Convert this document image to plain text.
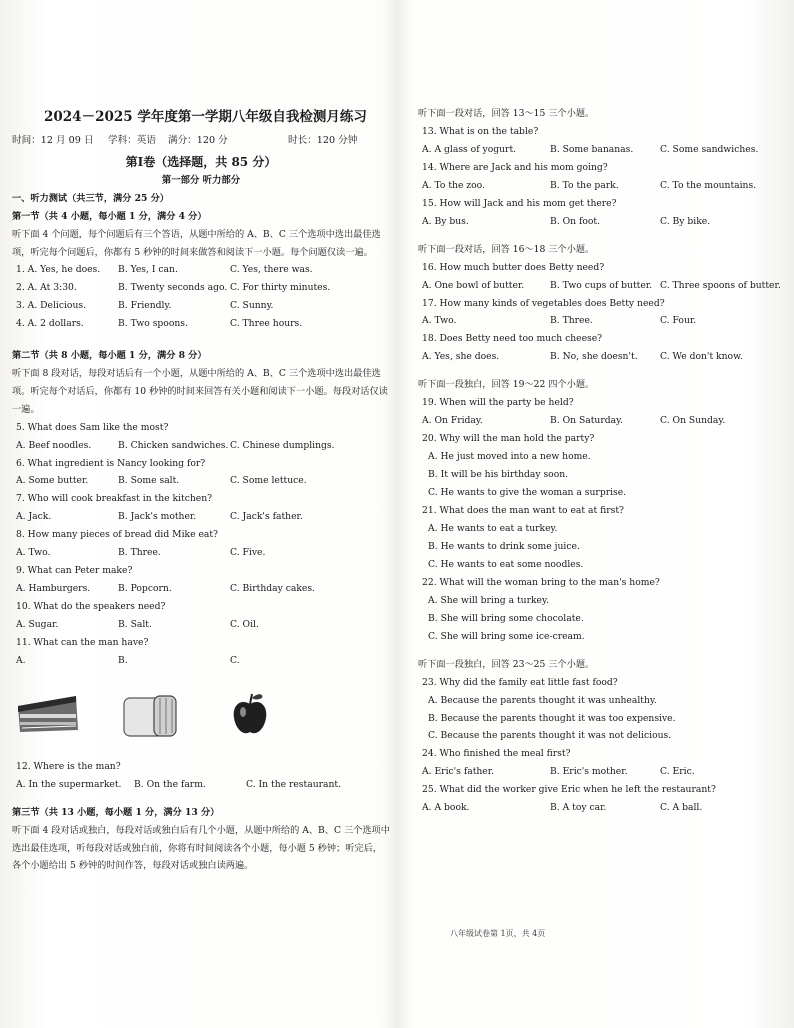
2024－2025 学年度第一学期八年级自我检测月练习
时间：12 月 09 日	学科：英语	满分：120 分	时长：120 分钟
第Ⅰ卷（选择题，共 85 分）
第一部分 听力部分
一、听力测试（共三节，满分 25 分）
第一节（共 4 小题，每小题 1 分，满分 4 分）
听下面 4 个问题，每个问题后有三个答语，从题中所给的 A、B、C 三个选项中选出最佳选项，听完每个问题后，你都有 5 秒钟的时间来做答和阅读下一小题。每个问题仅读一遍。
1. A. Yes, he does.	B. Yes, I can.	C. Yes, there was.
2. A. At 3:30.	B. Twenty seconds ago. C. For thirty minutes.
3. A. Delicious.	B. Friendly.	C. Sunny.
4. A. 2 dollars.	B. Two spoons.	C. Three hours.
第二节（共 8 小题，每小题 1 分，满分 8 分）
听下面 8 段对话，每段对话后有一个小题，从题中所给的 A、B、C 三个选项中选出最佳选项。听完每个对话后，你都有 10 秒钟的时间来回答有关小题和阅读下一小题。每段对话仅读一遍。
5. What does Sam like the most?
A. Beef noodles.	B. Chicken sandwiches. C. Chinese dumplings.
6. What ingredient is Nancy looking for?
A. Some butter.	B. Some salt.	C. Some lettuce.
7. Who will cook breakfast in the kitchen?
A. Jack.	B. Jack's mother.	C. Jack's father.
8. How many pieces of bread did Mike eat?
A. Two.	B. Three.	C. Five.
9. What can Peter make?
A. Hamburgers.	B. Popcorn.	C. Birthday cakes.
10. What do the speakers need?
A. Sugar.	B. Salt.	C. Oil.
11. What can the man have?
A.	B.	C.
12. Where is the man?
A. In the supermarket.	B. On the farm.	C. In the restaurant.
第三节（共 13 小题，每小题 1 分，满分 13 分）
听下面 4 段对话或独白，每段对话或独白后有几个小题，从题中所给的 A、B、C 三个选项中选出最佳选项，听每段对话或独白前，你将有时间阅读各个小题，每小题 5 秒钟；听完后，各个小题给出 5 秒钟的时间作答，每段对话或独白读两遍。
听下面一段对话，回答 13～15 三个小题。
13. What is on the table?
A. A glass of yogurt.	B. Some bananas.	C. Some sandwiches.
14. Where are Jack and his mom going?
A. To the zoo.	B. To the park.	C. To the mountains.
15. How will Jack and his mom get there?
A. By bus.	B. On foot.	C. By bike.
听下面一段对话，回答 16～18 三个小题。
16. How much butter does Betty need?
A. One bowl of butter.	B. Two cups of butter. C. Three spoons of butter.
17. How many kinds of vegetables does Betty need?
A. Two.	B. Three.	C. Four.
18. Does Betty need too much cheese?
A. Yes, she does.	B. No, she doesn't.	C. We don't know.
听下面一段独白，回答 19～22 四个小题。
19. When will the party be held?
A. On Friday.	B. On Saturday.	C. On Sunday.
20. Why will the man hold the party?
A. He just moved into a new home.
B. It will be his birthday soon.
C. He wants to give the woman a surprise.
21. What does the man want to eat at first?
A. He wants to eat a turkey.
B. He wants to drink some juice.
C. He wants to eat some noodles.
22. What will the woman bring to the man's home?
A. She will bring a turkey.
B. She will bring some chocolate.
C. She will bring some ice-cream.
听下面一段独白，回答 23～25 三个小题。
23. Why did the family eat little fast food?
A. Because the parents thought it was unhealthy.
B. Because the parents thought it was too expensive.
C. Because the parents thought it was not delicious.
24. Who finished the meal first?
A. Eric's father.	B. Eric's mother.	C. Eric.
25. What did the worker give Eric when he left the restaurant?
A. A book.	B. A toy car.	C. A ball.
八年级试卷第 1页，共 4页
